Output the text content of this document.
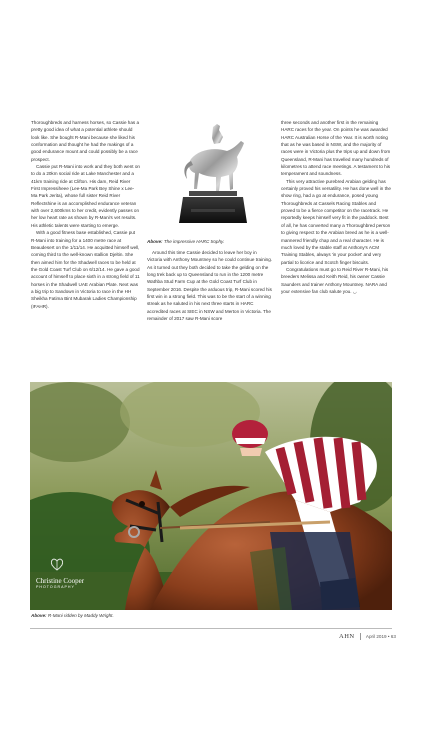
Thoroughbreds and harness horses, so Cassie has a pretty good idea of what a potential athlete should look like. She bought R-Mani because she liked his conformation and thought he had the makings of a good endurance mount and could possibly be a race prospect.

Cassie put R-Mani into work and they both went on to do a 20km social ride at Lake Manchester and a 41km training ride at Clifton. His dam, Reid River First Impressiheee (Lee-Ma Park Bey Shine x Lee-Ma Park Jerita), whose full sister Reid River Reflectshine is an accomplished endurance veteran with over 2,600kms to her credit, evidently passes on her low heart rate as shown by R-Mani's vet results. His athletic talents were starting to emerge.

With a good fitness base established, Cassie put R-Mani into training for a 1400 metre race at Beaudesert on the 1/11/14. He acquitted himself well, coming third to the well-known stallion Djeltin. She then aimed him for the Shadwell races to be held at the Gold Coast Turf Club on 6/12/14. He gave a good account of himself to place sixth in a strong field of 11 horses in the Shadwell UAE Arabian Plate. Next was a big trip to Sandown in Victoria to race in the HH Sheikha Fatima Bint Mubarak Ladies Championship (IFAHR).

Above: The impressive HARC trophy.

Around this time Cassie decided to leave her boy in Victoria with Anthony Mountney so he could continue training. As it turned out they both decided to take the gelding on the long trek back up to Queensland to run in the 1200 metre Wathba Stud Farm Cup at the Gold Coast Turf Club in September 2016. Despite the arduous trip, R-Mani scored his first win in a strong field. This was to be the start of a winning streak as he saluted in his next three starts in HARC accredited races at SIEC in NSW and Merton in Victoria. The remainder of 2017 saw R-Mani score

three seconds and another first in the remaining HARC races for the year. On points he was awarded HARC Australian Horse of the Year. It is worth noting that as he was based in NSW, and the majority of races were in Victoria plus the trips up and down from Queensland, R-Mani has travelled many hundreds of kilometres to attend race meetings. A testament to his temperament and soundness.

This very attractive purebred Arabian gelding has certainly proved his versatility. He has done well in the show ring, had a go at endurance, posed young Thoroughbreds at Cassels Racing Stables and proved to be a fierce competitor on the racetrack. He reportedly keeps himself very fit in the paddock. Best of all, he has converted many a Thoroughbred person to giving respect to the Arabian breed as he is a well-mannered friendly chap and a real character. He is much loved by the stable staff at Anthony's ACM Training Stables, always 'in your pocket' and very partial to licorice and Scotch finger biscuits.

Congratulations must go to Reid River R-Mani, his breeders Melissa and Keith Reid, his owner Cassie Saunders and trainer Anthony Mountney. NARA and your extensive fan club salute you. ◡

Christine Cooper
PHOTOGRAPHY
Above: R-Mani ridden by Maddy Wright.
AHN April 2019 • 63
